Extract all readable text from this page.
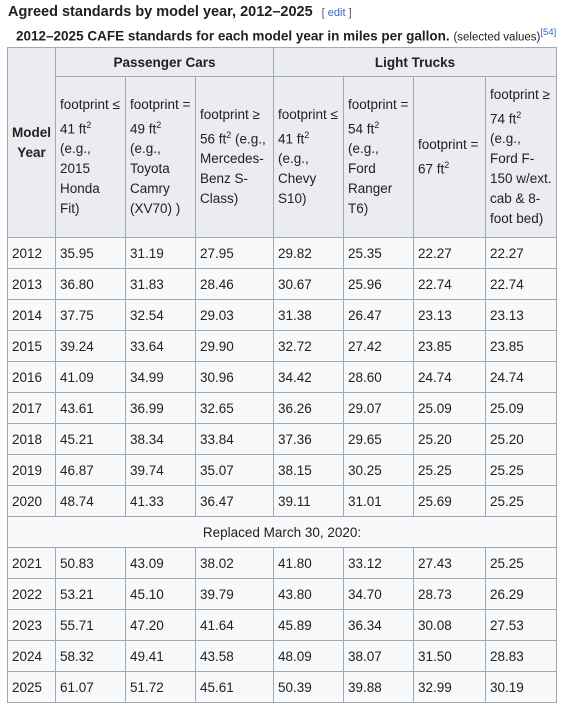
Agreed standards by model year, 2012–2025 [ edit ]
2012–2025 CAFE standards for each model year in miles per gallon. (selected values)[54]
Model Year	Passenger Cars			Light Trucks			
	footprint ≤ 41 $ft^2$ (e.g., 2015 Honda Fit)	footprint = 49 $ft^2$ (e.g., Toyota Camry (XV70) )	footprint ≥ 56 $ft^2$ (e.g., Mercedes-Benz S-Class)	footprint ≤ 41 $ft^2$ (e.g., Chevy S10)	footprint = 54 $ft^2$ (e.g., Ford Ranger T6)	footprint = 67 $ft^2$	footprint ≥ 74 $ft^2$ (e.g., Ford F-150 w/ext. cab & 8-foot bed)
2012	35.95	31.19	27.95	29.82	25.35	22.27	22.27
2013	36.80	31.83	28.46	30.67	25.96	22.74	22.74
2014	37.75	32.54	29.03	31.38	26.47	23.13	23.13
2015	39.24	33.64	29.90	32.72	27.42	23.85	23.85
2016	41.09	34.99	30.96	34.42	28.60	24.74	24.74
2017	43.61	36.99	32.65	36.26	29.07	25.09	25.09
2018	45.21	38.34	33.84	37.36	29.65	25.20	25.20
2019	46.87	39.74	35.07	38.15	30.25	25.25	25.25
2020	48.74	41.33	36.47	39.11	31.01	25.69	25.25
Replaced March 30, 2020:							
2021	50.83	43.09	38.02	41.80	33.12	27.43	25.25
2022	53.21	45.10	39.79	43.80	34.70	28.73	26.29
2023	55.71	47.20	41.64	45.89	36.34	30.08	27.53
2024	58.32	49.41	43.58	48.09	38.07	31.50	28.83
2025	61.07	51.72	45.61	50.39	39.88	32.99	30.19
